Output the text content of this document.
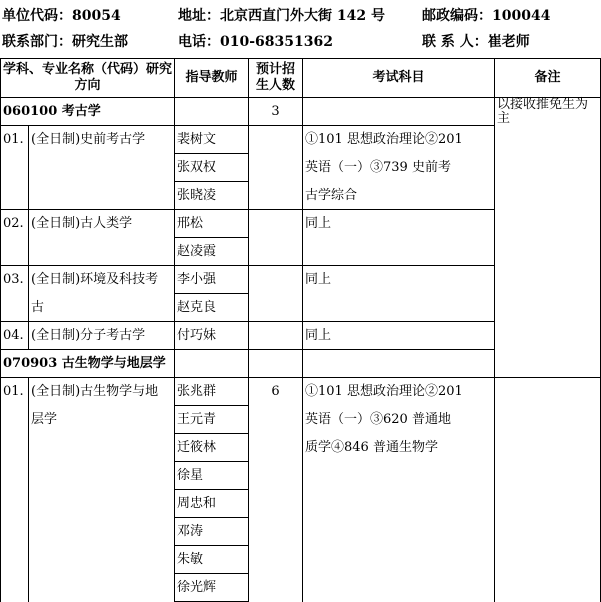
单位代码：80054	地址：北京西直门外大街 142 号	邮政编码：100044
联系部门：研究生部	电话：010-68351362	联 系 人：崔老师
学科、专业名称（代码）研究方向		指导教师	预计招生人数	考试科目	备注
060100 考古学			3		以接收推免生为主

01.	(全日制)史前考古学	裴树文		①101 思想政治理论②201	
		张双权		英语（一）③739 史前考	
		张晓凌		古学综合	
02.	(全日制)古人类学	邢松		同上	
		赵凌霞			
03.	(全日制)环境及科技考	李小强		同上	
	古	赵克良			
04.	(全日制)分子考古学	付巧妹		同上	
070903 古生物学与地层学					
01.	(全日制)古生物学与地	张兆群	6	①101 思想政治理论②201	
	层学	王元青		英语（一）③620 普通地	
		迁筱林		质学④846 普通生物学	
		徐星			
		周忠和			
		邓涛			
		朱敏			
		徐光辉			
